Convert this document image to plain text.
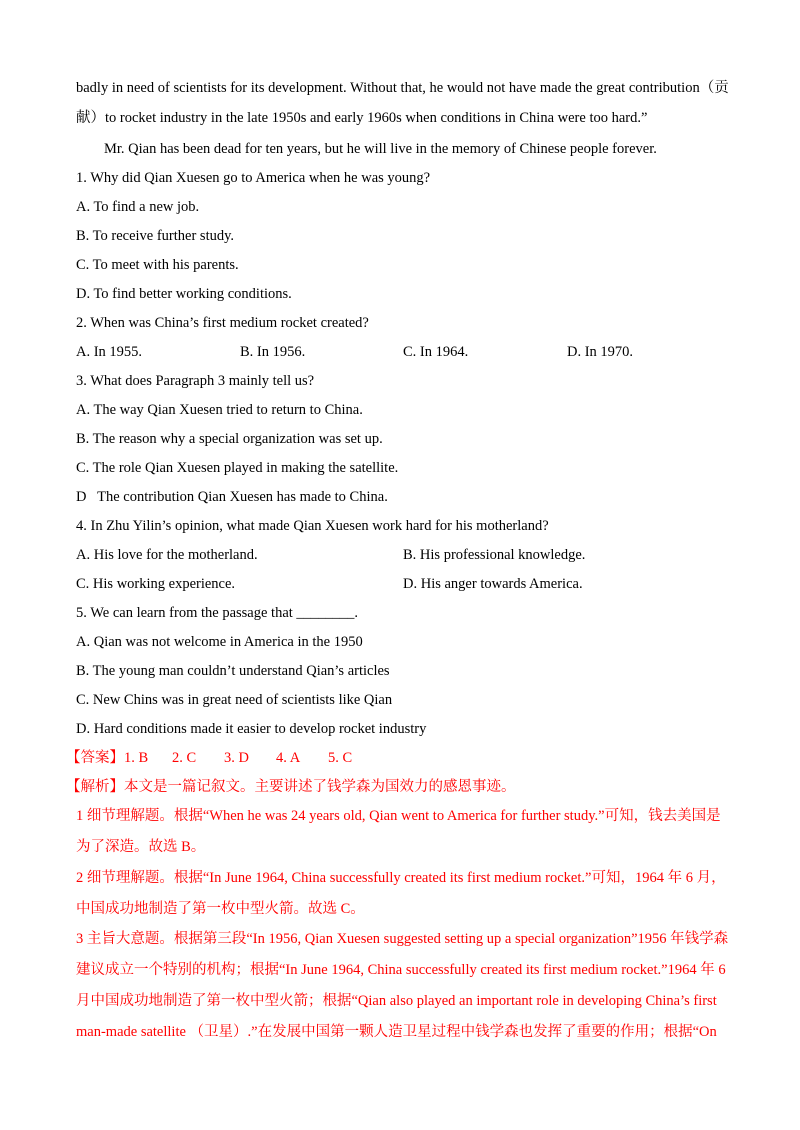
badly in need of scientists for its development. Without that, he would not have made the great contribution（贡
献）to rocket industry in the late 1950s and early 1960s when conditions in China were too hard.”
Mr. Qian has been dead for ten years, but he will live in the memory of Chinese people forever.
1. Why did Qian Xuesen go to America when he was young?
A. To find a new job.
B. To receive further study.
C. To meet with his parents.
D. To find better working conditions.
2. When was China’s first medium rocket created?
A. In 1955.	B. In 1956.	C. In 1964.	D. In 1970.
3. What does Paragraph 3 mainly tell us?
A. The way Qian Xuesen tried to return to China.
B. The reason why a special organization was set up.
C. The role Qian Xuesen played in making the satellite.
D   The contribution Qian Xuesen has made to China.
4. In Zhu Yilin’s opinion, what made Qian Xuesen work hard for his motherland?
A. His love for the motherland.	B. His professional knowledge.
C. His working experience.	D. His anger towards America.
5. We can learn from the passage that ________.
A. Qian was not welcome in America in the 1950
B. The young man couldn’t understand Qian’s articles
C. New Chins was in great need of scientists like Qian
D. Hard conditions made it easier to develop rocket industry
【答案】1. B 2. C 3. D 4. A 5. C
【解析】本文是一篇记叙文。主要讲述了钱学森为国效力的感恩事迹。
1 细节理解题。根据“When he was 24 years old, Qian went to America for further study.”可知，钱去美国是
为了深造。故选 B。
2 细节理解题。根据“In June 1964, China successfully created its first medium rocket.”可知，1964 年 6 月，
中国成功地制造了第一枚中型火箭。故选 C。
3 主旨大意题。根据第三段“In 1956, Qian Xuesen suggested setting up a special organization”1956 年钱学森
建议成立一个特别的机构；根据“In June 1964, China successfully created its first medium rocket.”1964 年 6
月中国成功地制造了第一枚中型火箭；根据“Qian also played an important role in developing China’s first
man-made satellite （卫星）.”在发展中国第一颗人造卫星过程中钱学森也发挥了重要的作用；根据“On
